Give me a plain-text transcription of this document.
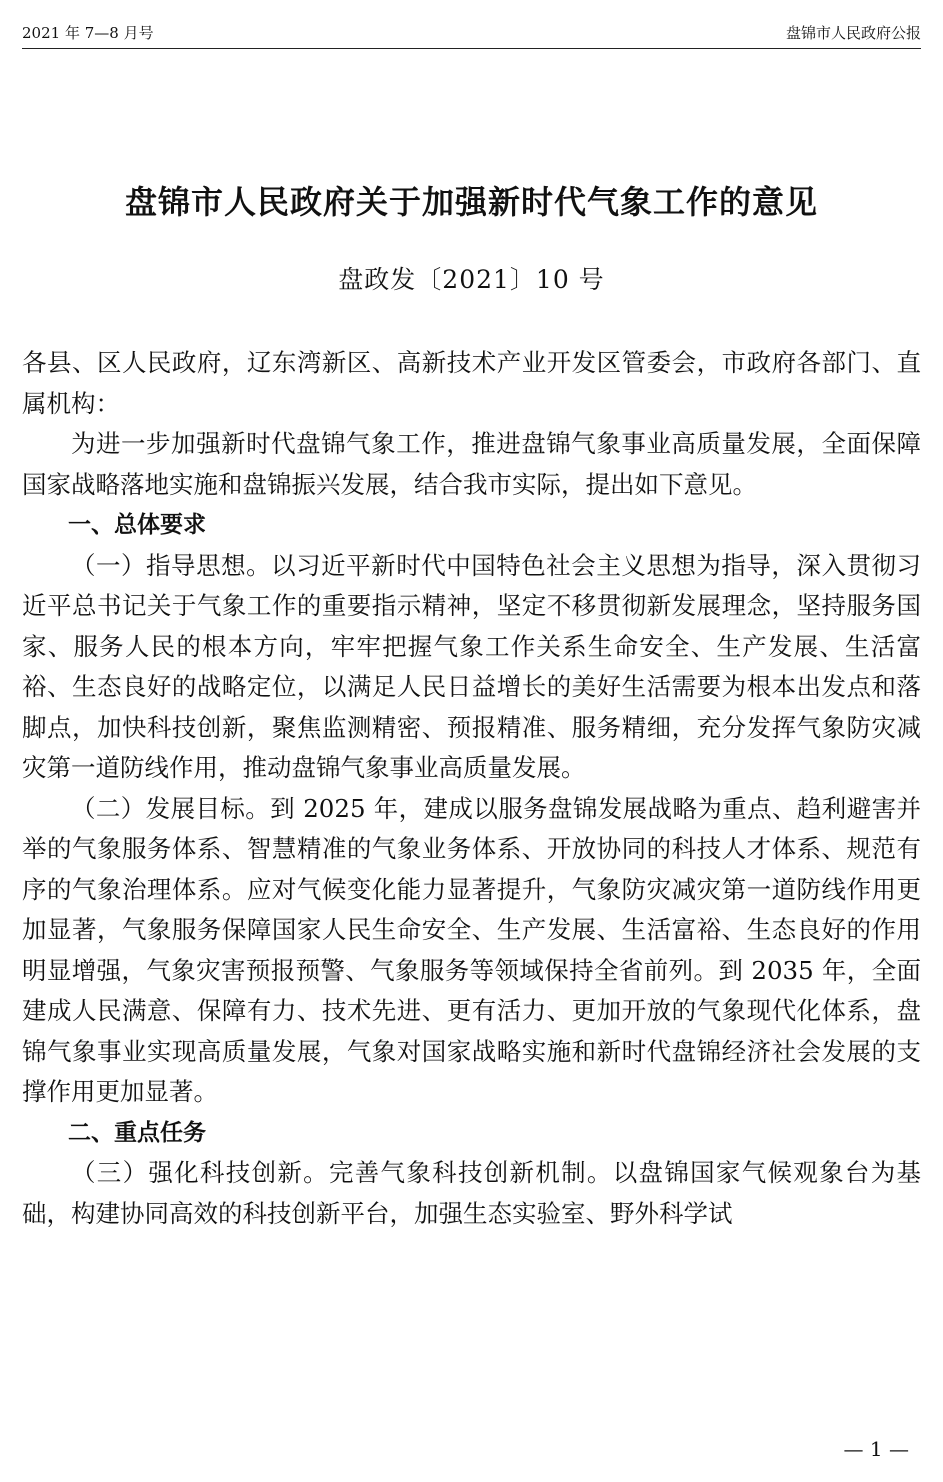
2021 年 7—8 月号	盘锦市人民政府公报
盘锦市人民政府关于加强新时代气象工作的意见
盘政发〔2021〕10 号

各县、区人民政府，辽东湾新区、高新技术产业开发区管委会，市政府各部门、直属机构：

为进一步加强新时代盘锦气象工作，推进盘锦气象事业高质量发展，全面保障国家战略落地实施和盘锦振兴发展，结合我市实际，提出如下意见。

一、总体要求

（一）指导思想。以习近平新时代中国特色社会主义思想为指导，深入贯彻习近平总书记关于气象工作的重要指示精神，坚定不移贯彻新发展理念，坚持服务国家、服务人民的根本方向，牢牢把握气象工作关系生命安全、生产发展、生活富裕、生态良好的战略定位，以满足人民日益增长的美好生活需要为根本出发点和落脚点，加快科技创新，聚焦监测精密、预报精准、服务精细，充分发挥气象防灾减灾第一道防线作用，推动盘锦气象事业高质量发展。

（二）发展目标。到 2025 年，建成以服务盘锦发展战略为重点、趋利避害并举的气象服务体系、智慧精准的气象业务体系、开放协同的科技人才体系、规范有序的气象治理体系。应对气候变化能力显著提升，气象防灾减灾第一道防线作用更加显著，气象服务保障国家人民生命安全、生产发展、生活富裕、生态良好的作用明显增强，气象灾害预报预警、气象服务等领域保持全省前列。到 2035 年，全面建成人民满意、保障有力、技术先进、更有活力、更加开放的气象现代化体系，盘锦气象事业实现高质量发展，气象对国家战略实施和新时代盘锦经济社会发展的支撑作用更加显著。

二、重点任务

（三）强化科技创新。完善气象科技创新机制。以盘锦国家气候观象台为基础，构建协同高效的科技创新平台，加强生态实验室、野外科学试

— 1 —
